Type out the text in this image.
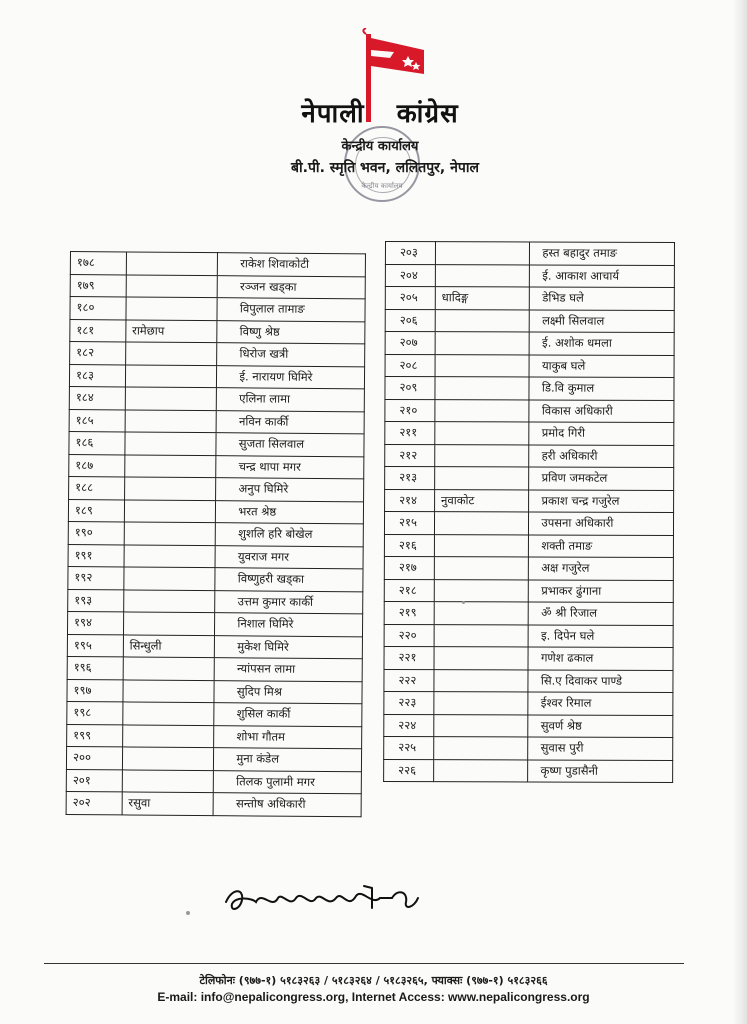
नेपाली कांग्रेस
केन्द्रीय कार्यालय
केन्द्रीय कार्यालय
बी.पी. स्मृति भवन, ललितपुर, नेपाल
१७८		राकेश शिवाकोटी
१७९		रञ्जन खड्का
१८०		विपुलाल तामाङ
१८१	रामेछाप	विष्णु श्रेष्ठ
१८२		धिरोज खत्री
१८३		ई. नारायण घिमिरे
१८४		एलिना लामा
१८५		नविन कार्की
१८६		सुजता सिलवाल
१८७		चन्द्र थापा मगर
१८८		अनुप घिमिरे
१८९		भरत श्रेष्ठ
१९०		शुशलि हरि बोखेल
१९१		युवराज मगर
१९२		विष्णुहरी खड्का
१९३		उत्तम कुमार कार्की
१९४		निशाल घिमिरे
१९५	सिन्धुली	मुकेश घिमिरे
१९६		न्यांपसन लामा
१९७		सुदिप मिश्र
१९८		शुसिल कार्की
१९९		शोभा गौतम
२००		मुना कंडेल
२०१		तिलक पुलामी मगर
२०२	रसुवा	सन्तोष अधिकारी
२०३		हस्त बहादुर तमाङ
२०४		ई. आकाश आचार्य
२०५	धादिङ्ग	डेभिड घले
२०६		लक्ष्मी सिलवाल
२०७		ई. अशोक धमला
२०८		याकुब घले
२०९		डि.वि कुमाल
२१०		विकास अधिकारी
२११		प्रमोद गिरी
२१२		हरी अधिकारी
२१३		प्रविण जमकटेल
२१४	नुवाकोट	प्रकाश चन्द्र गजुरेल
२१५		उपसना अधिकारी
२१६		शक्ती तमाङ
२१७		अक्ष गजुरेल
२१८		प्रभाकर ढुंगाना
२१९		ॐ श्री रिजाल
२२०		इ. दिपेन घले
२२१		गणेश ढकाल
२२२		सि.ए दिवाकर पाण्डे
२२३		ईश्वर रिमाल
२२४		सुवर्ण श्रेष्ठ
२२५		सुवास पुरी
२२६		कृष्ण पुडासैनी
टेलिफोनः (९७७-१) ५१८३२६३ / ५१८३२६४ / ५१८३२६५, फ्याक्सः (९७७-१) ५१८३२६६
E-mail: info@nepalicongress.org, Internet Access: www.nepalicongress.org
